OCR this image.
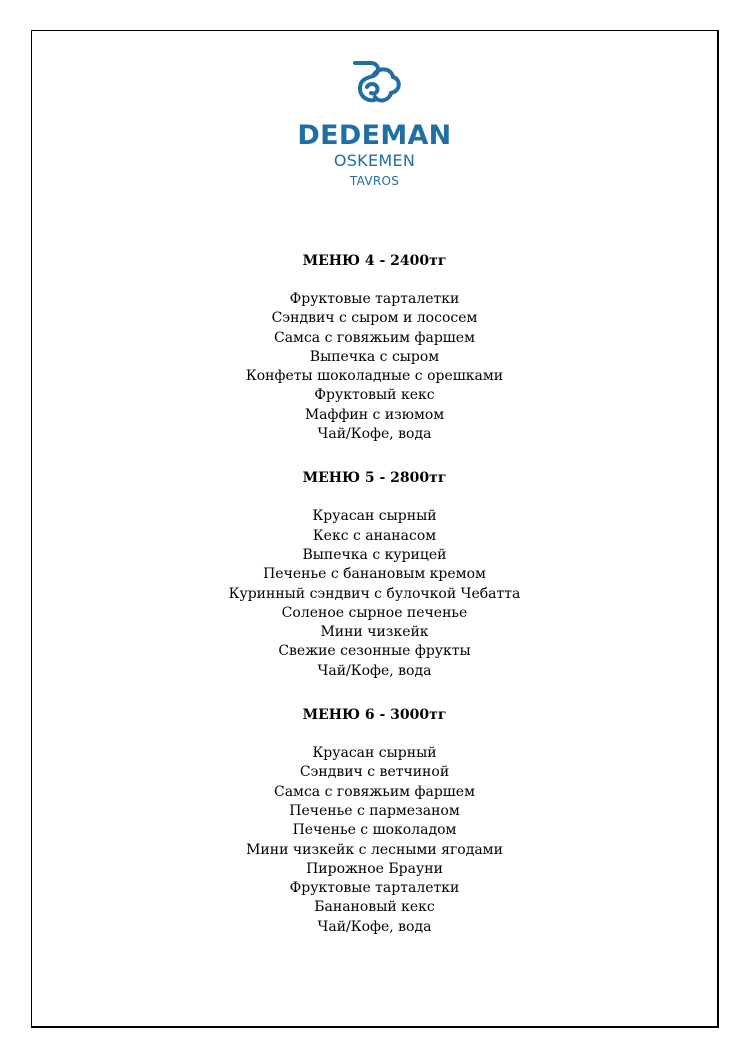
DEDEMAN
OSKEMEN
TAVROS
МЕНЮ 4 - 2400тг
Фруктовые тарталетки
Сэндвич с сыром и лососем
Самса с говяжьим фаршем
Выпечка с сыром
Конфеты шоколадные с орешками
Фруктовый кекс
Маффин с изюмом
Чай/Кофе, вода
МЕНЮ 5 - 2800тг
Круасан сырный
Кекс с ананасом
Выпечка с курицей
Печенье с банановым кремом
Куринный сэндвич с булочкой Чебатта
Соленое сырное печенье
Мини чизкейк
Свежие сезонные фрукты
Чай/Кофе, вода
МЕНЮ 6 - 3000тг
Круасан сырный
Сэндвич с ветчиной
Самса с говяжьим фаршем
Печенье с пармезаном
Печенье с шоколадом
Мини чизкейк с лесными ягодами
Пирожное Брауни
Фруктовые тарталетки
Банановый кекс
Чай/Кофе, вода
